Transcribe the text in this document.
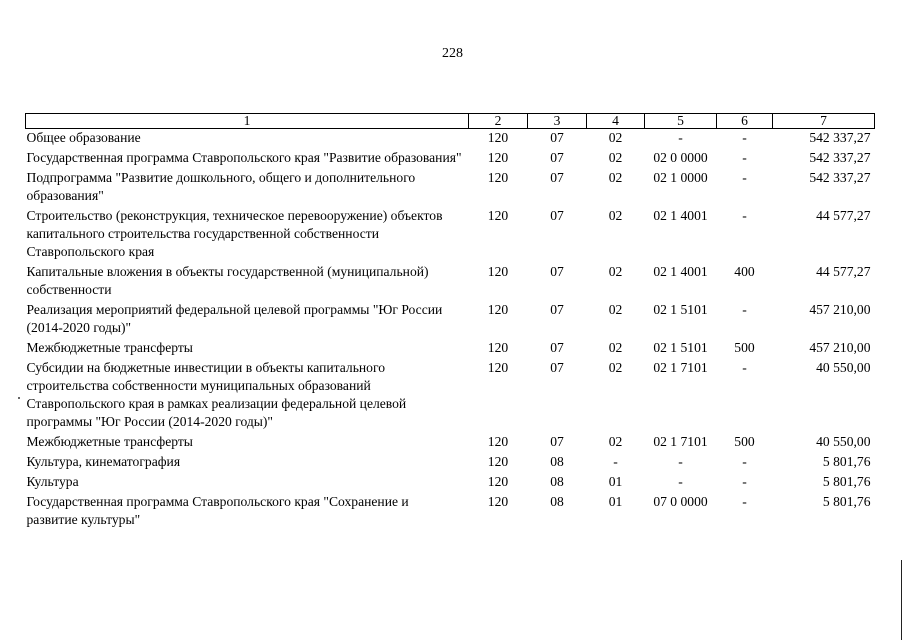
228
1	2	3	4	5	6	7
Общее образование	120	07	02	-	-	542 337,27
Государственная программа Ставропольского края "Развитие образования"	120	07	02	02 0 0000	-	542 337,27
Подпрограмма "Развитие дошкольного, общего и дополнительного образования"	120	07	02	02 1 0000	-	542 337,27
Строительство (реконструкция, техническое перевооружение) объектов капитального строительства государственной собственности Ставропольского края	120	07	02	02 1 4001	-	44 577,27
Капитальные вложения в объекты государственной (муниципальной) собственности	120	07	02	02 1 4001	400	44 577,27
Реализация мероприятий федеральной целевой программы "Юг России (2014-2020 годы)"	120	07	02	02 1 5101	-	457 210,00
Межбюджетные трансферты	120	07	02	02 1 5101	500	457 210,00
Субсидии на бюджетные инвестиции в объекты капитального строительства собственности муниципальных образований Ставропольского края в рамках реализации федеральной целевой программы "Юг России (2014-2020 годы)"	120	07	02	02 1 7101	-	40 550,00
Межбюджетные трансферты	120	07	02	02 1 7101	500	40 550,00
Культура, кинематография	120	08	-	-	-	5 801,76
Культура	120	08	01	-	-	5 801,76
Государственная программа Ставропольского края "Сохранение и развитие культуры"	120	08	01	07 0 0000	-	5 801,76
